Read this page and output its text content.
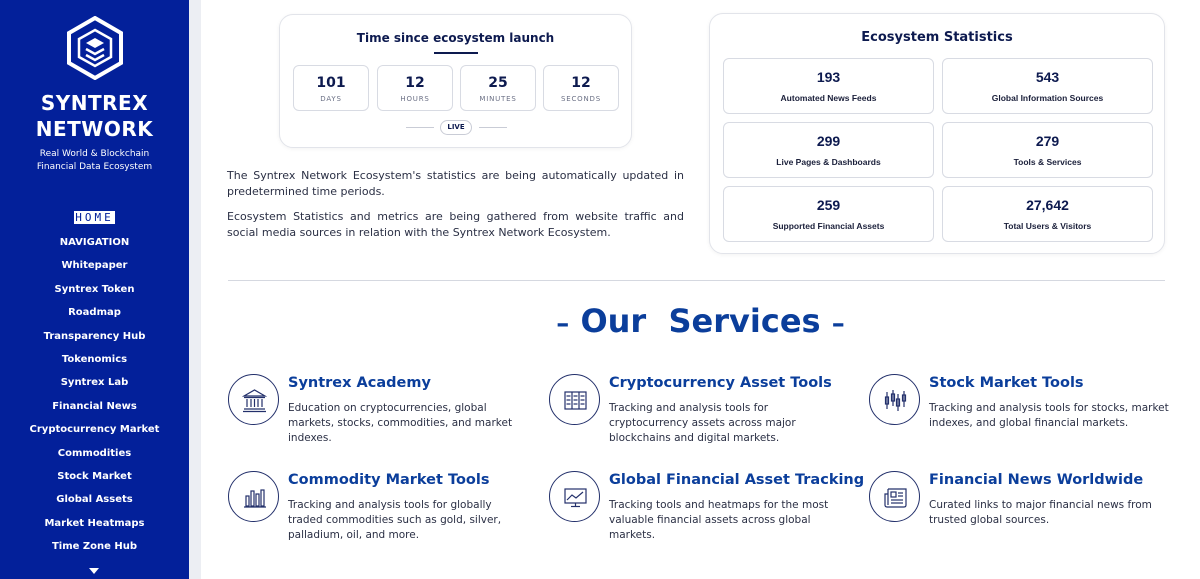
SYNTREX
NETWORK
Real World & Blockchain
Financial Data Ecosystem
HOME
NAVIGATION
Whitepaper
Syntrex Token
Roadmap
Transparency Hub
Tokenomics
Syntrex Lab
Financial News
Cryptocurrency Market
Commodities
Stock Market
Global Assets
Market Heatmaps
Time Zone Hub
Time since ecosystem launch
101
DAYS
12
HOURS
25
MINUTES
12
SECONDS
LIVE

The Syntrex Network Ecosystem's statistics are being automatically updated in predetermined time periods.

Ecosystem Statistics and metrics are being gathered from website traffic and social media sources in relation with the Syntrex Network Ecosystem.

Ecosystem Statistics
193
Automated News Feeds
543
Global Information Sources
299
Live Pages & Dashboards
279
Tools & Services
259
Supported Financial Assets
27,642
Total Users & Visitors
– Our  Services –
Syntrex Academy
Education on cryptocurrencies, global markets, stocks, commodities, and market indexes.
Cryptocurrency Asset Tools
Tracking and analysis tools for cryptocurrency assets across major blockchains and digital markets.
Stock Market Tools
Tracking and analysis tools for stocks, market indexes, and global financial markets.
Commodity Market Tools
Tracking and analysis tools for globally traded commodities such as gold, silver, palladium, oil, and more.
Global Financial Asset Tracking
Tracking tools and heatmaps for the most valuable financial assets across global markets.
Financial News Worldwide
Curated links to major financial news from trusted global sources.
